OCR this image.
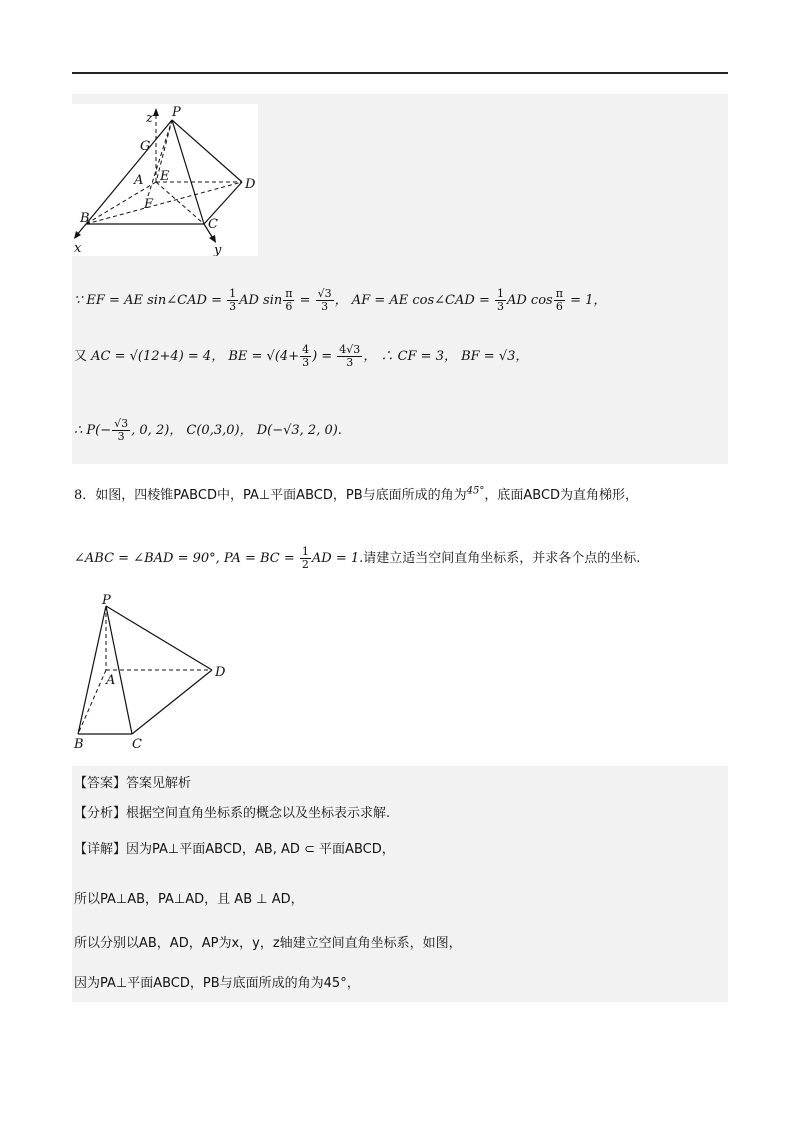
P
z
G
A E
D
F
B	C
x	y
∵ EF = AE sin∠CAD = $\frac{1}{3}$ AD $\sin \frac{\pi}{6} = \frac{√3}{3}$ ， AF = AE cos∠CAD = $\frac{1}{3}$ AD $\cos \frac{\pi}{6} = 1$，
又 AC = √(12+4) = 4， BE = $√(4+ \frac{4}{3}$ ) = $\frac{4√3}{3}$ ， ∴ CF = 3， BF = √3，
∴ $P(- \frac{√3}{3}$ , 0, 2)， C(0,3,0)， D(−√3, 2, 0).
8．如图，四棱锥PABCD中，PA⊥平面ABCD，PB与底面所成的角为$^{45^\circ}$，底面ABCD为直角梯形，
∠ABC = ∠BAD = 90°, PA = BC = $\frac{1}{2}$ AD = 1.请建立适当空间直角坐标系，并求各个点的坐标.
P
A
D
B	C
【答案】答案见解析
【分析】根据空间直角坐标系的概念以及坐标表示求解.
【详解】因为PA⊥平面ABCD，AB, AD ⊂ 平面ABCD，
所以PA⊥AB，PA⊥AD，且 AB ⊥ AD，
所以分别以AB，AD，AP为x，y，z轴建立空间直角坐标系，如图，
因为PA⊥平面ABCD，PB与底面所成的角为45°，
